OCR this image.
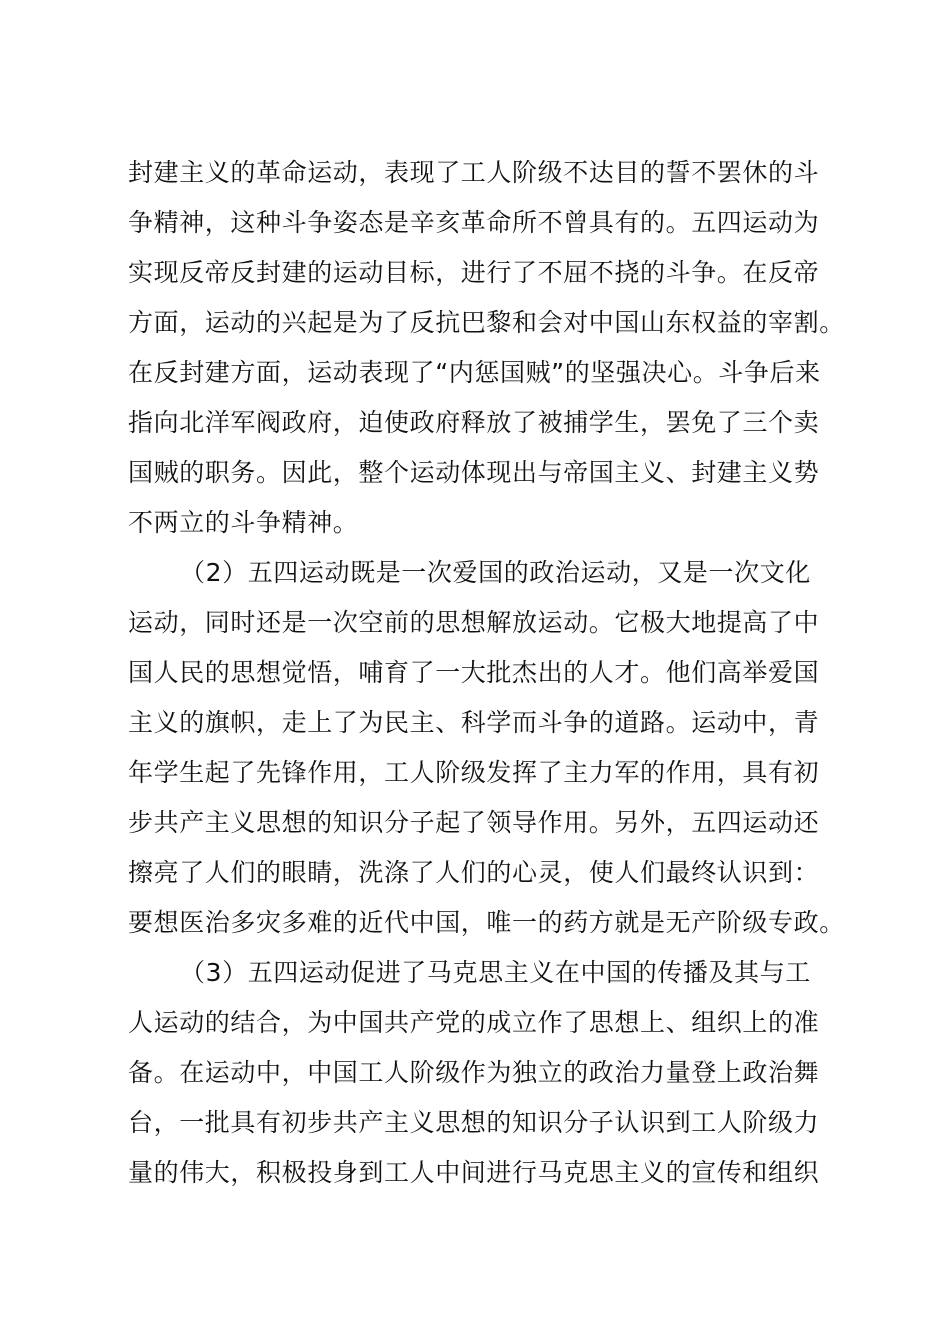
封建主义的革命运动，表现了工人阶级不达目的誓不罢休的斗
争精神，这种斗争姿态是辛亥革命所不曾具有的。五四运动为
实现反帝反封建的运动目标，进行了不屈不挠的斗争。在反帝
方面，运动的兴起是为了反抗巴黎和会对中国山东权益的宰割。
在反封建方面，运动表现了“内惩国贼”的坚强决心。斗争后来
指向北洋军阀政府，迫使政府释放了被捕学生，罢免了三个卖
国贼的职务。因此，整个运动体现出与帝国主义、封建主义势
不两立的斗争精神。
（2）五四运动既是一次爱国的政治运动，又是一次文化
运动，同时还是一次空前的思想解放运动。它极大地提高了中
国人民的思想觉悟，哺育了一大批杰出的人才。他们高举爱国
主义的旗帜，走上了为民主、科学而斗争的道路。运动中，青
年学生起了先锋作用，工人阶级发挥了主力军的作用，具有初
步共产主义思想的知识分子起了领导作用。另外，五四运动还
擦亮了人们的眼睛，洗涤了人们的心灵，使人们最终认识到：
要想医治多灾多难的近代中国，唯一的药方就是无产阶级专政。
（3）五四运动促进了马克思主义在中国的传播及其与工
人运动的结合，为中国共产党的成立作了思想上、组织上的准
备。在运动中，中国工人阶级作为独立的政治力量登上政治舞
台，一批具有初步共产主义思想的知识分子认识到工人阶级力
量的伟大，积极投身到工人中间进行马克思主义的宣传和组织
